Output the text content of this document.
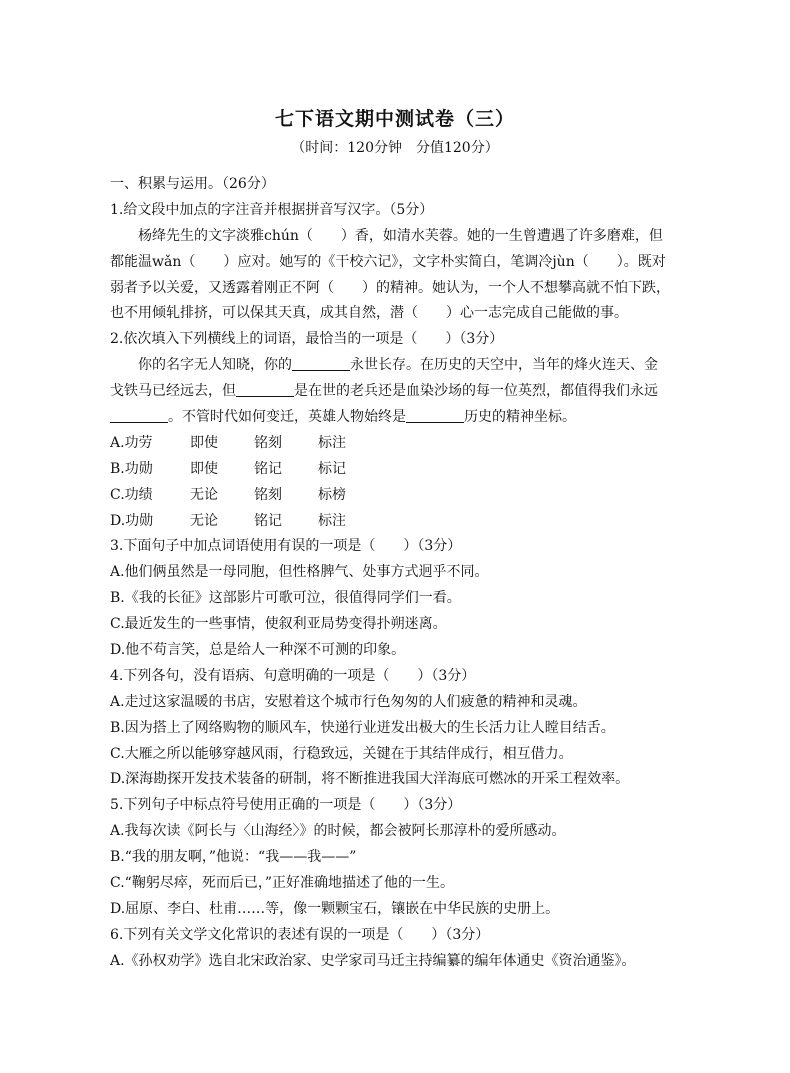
七下语文期中测试卷（三）
（时间：120分钟　分值120分）
一、积累与运用。（26分）
1.给文段中加点的字注音并根据拼音写汉字。（5分）
杨绛先生的文字淡雅chún（　　）香，如清水芙蓉。她的一生曾遭遇了许多磨难，但
都能温wǎn（　　）应对。她写的《干校六记》，文字朴实简白，笔调冷jùn（　　）。既对
弱者予以关爱，又透露着刚正不阿（　　）的精神。她认为，一个人不想攀高就不怕下跌，
也不用倾轧排挤，可以保其天真，成其自然，潜（　　）心一志完成自己能做的事。
2.依次填入下列横线上的词语，最恰当的一项是（　　）（3分）
你的名字无人知晓，你的	永世长存。在历史的天空中，当年的烽火连天、金
戈铁马已经远去，但	是在世的老兵还是血染沙场的每一位英烈，都值得我们永远
。不管时代如何变迁，英雄人物始终是	历史的精神坐标。
A.功劳	即使	铭刻	标注
B.功勋	即使	铭记	标记
C.功绩	无论	铭刻	标榜
D.功勋	无论	铭记	标注
3.下面句子中加点词语使用有误的一项是（　　）（3分）
A.他们俩虽然是一母同胞，但性格脾气、处事方式迥乎不同。
B.《我的长征》这部影片可歌可泣，很值得同学们一看。
C.最近发生的一些事情，使叙利亚局势变得扑朔迷离。
D.他不苟言笑，总是给人一种深不可测的印象。
4.下列各句，没有语病、句意明确的一项是（　　）（3分）
A.走过这家温暖的书店，安慰着这个城市行色匆匆的人们疲惫的精神和灵魂。
B.因为搭上了网络购物的顺风车，快递行业迸发出极大的生长活力让人瞠目结舌。
C.大雁之所以能够穿越风雨，行稳致远，关键在于其结伴成行，相互借力。
D.深海勘探开发技术装备的研制，将不断推进我国大洋海底可燃冰的开采工程效率。
5.下列句子中标点符号使用正确的一项是（　　）（3分）
A.我每次读《阿长与〈山海经〉》的时候，都会被阿长那淳朴的爱所感动。
B.“我的朋友啊，”他说：“我——我——”
C.“鞠躬尽瘁，死而后已，”正好准确地描述了他的一生。
D.屈原、李白、杜甫……等，像一颗颗宝石，镶嵌在中华民族的史册上。
6.下列有关文学文化常识的表述有误的一项是（　　）（3分）
A.《孙权劝学》选自北宋政治家、史学家司马迁主持编纂的编年体通史《资治通鉴》。
